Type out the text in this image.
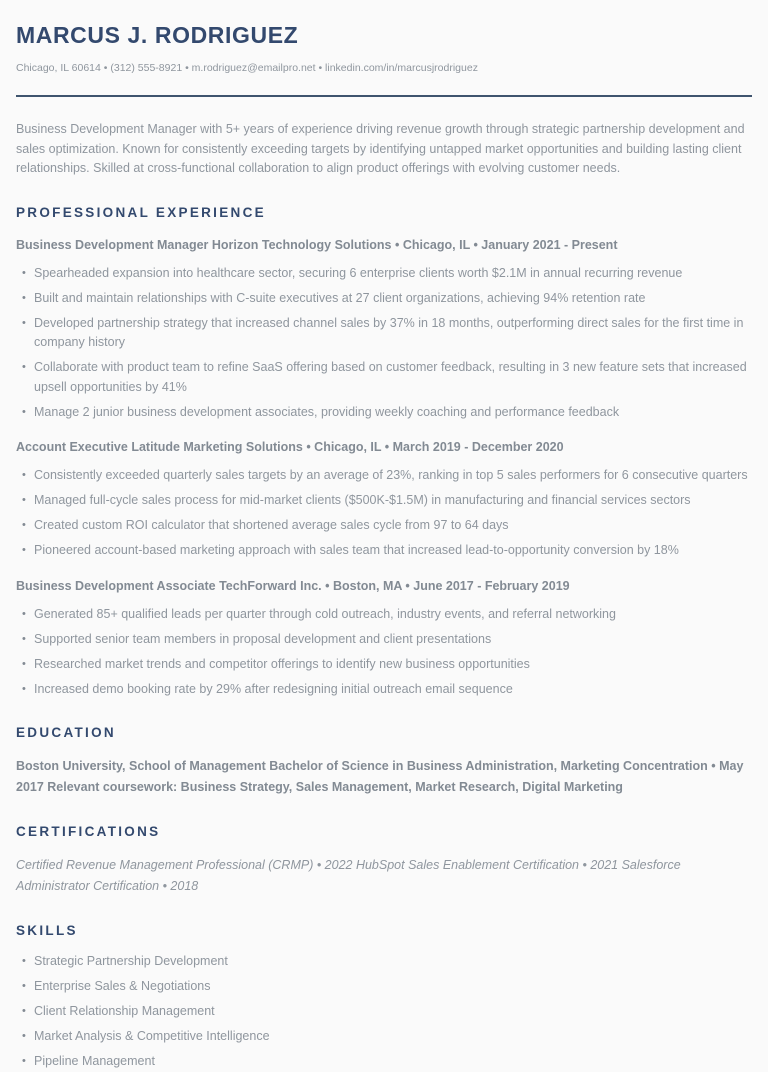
MARCUS J. RODRIGUEZ
Chicago, IL 60614 • (312) 555-8921 • m.rodriguez@emailpro.net • linkedin.com/in/marcusjrodriguez
Business Development Manager with 5+ years of experience driving revenue growth through strategic partnership development and sales optimization. Known for consistently exceeding targets by identifying untapped market opportunities and building lasting client relationships. Skilled at cross-functional collaboration to align product offerings with evolving customer needs.
PROFESSIONAL EXPERIENCE
Business Development Manager Horizon Technology Solutions • Chicago, IL • January 2021 - Present
• Spearheaded expansion into healthcare sector, securing 6 enterprise clients worth $2.1M in annual recurring revenue
• Built and maintain relationships with C-suite executives at 27 client organizations, achieving 94% retention rate
• Developed partnership strategy that increased channel sales by 37% in 18 months, outperforming direct sales for the first time in company history
• Collaborate with product team to refine SaaS offering based on customer feedback, resulting in 3 new feature sets that increased upsell opportunities by 41%
• Manage 2 junior business development associates, providing weekly coaching and performance feedback
Account Executive Latitude Marketing Solutions • Chicago, IL • March 2019 - December 2020
• Consistently exceeded quarterly sales targets by an average of 23%, ranking in top 5 sales performers for 6 consecutive quarters
• Managed full-cycle sales process for mid-market clients ($500K-$1.5M) in manufacturing and financial services sectors
• Created custom ROI calculator that shortened average sales cycle from 97 to 64 days
• Pioneered account-based marketing approach with sales team that increased lead-to-opportunity conversion by 18%
Business Development Associate TechForward Inc. • Boston, MA • June 2017 - February 2019
• Generated 85+ qualified leads per quarter through cold outreach, industry events, and referral networking
• Supported senior team members in proposal development and client presentations
• Researched market trends and competitor offerings to identify new business opportunities
• Increased demo booking rate by 29% after redesigning initial outreach email sequence
EDUCATION
Boston University, School of Management Bachelor of Science in Business Administration, Marketing Concentration • May 2017 Relevant coursework: Business Strategy, Sales Management, Market Research, Digital Marketing
CERTIFICATIONS
Certified Revenue Management Professional (CRMP) • 2022 HubSpot Sales Enablement Certification • 2021 Salesforce Administrator Certification • 2018
SKILLS
• Strategic Partnership Development
• Enterprise Sales & Negotiations
• Client Relationship Management
• Market Analysis & Competitive Intelligence
• Pipeline Management
